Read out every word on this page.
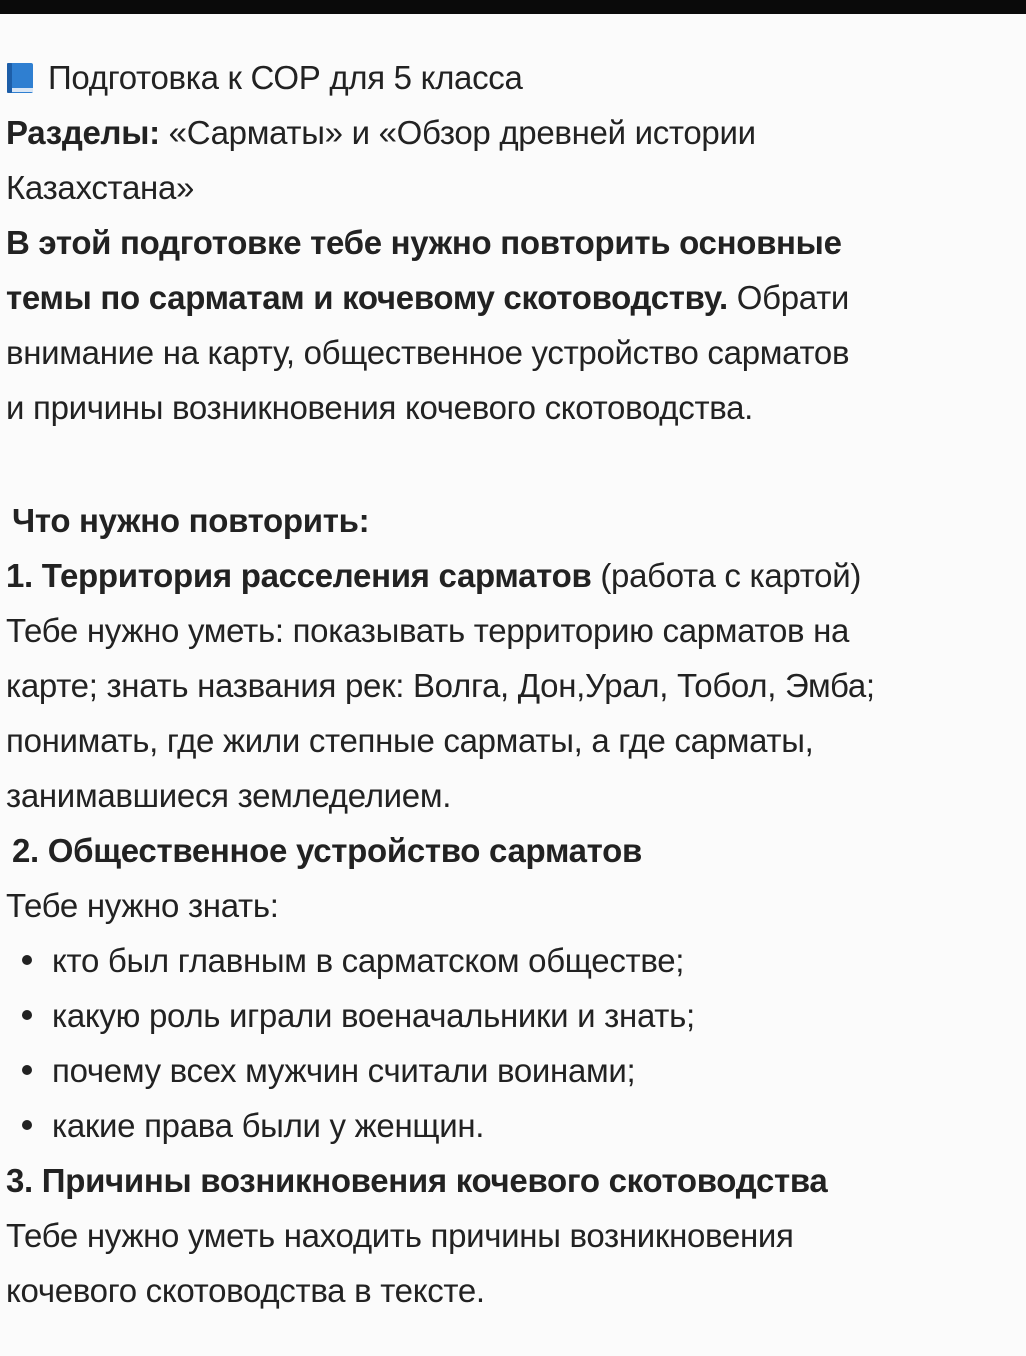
Подготовка к СОР для 5 класса
Разделы: «Сарматы» и «Обзор древней истории
Казахстана»
В этой подготовке тебе нужно повторить основные
темы по сарматам и кочевому скотоводству. Обрати
внимание на карту, общественное устройство сарматов
и причины возникновения кочевого скотоводства.
Что нужно повторить:
1. Территория расселения сарматов (работа с картой)
Тебе нужно уметь: показывать территорию сарматов на
карте; знать названия рек: Волга, Дон,Урал, Тобол, Эмба;
понимать, где жили степные сарматы, а где сарматы,
занимавшиеся земледелием.
2. Общественное устройство сарматов
Тебе нужно знать:
кто был главным в сарматском обществе;
какую роль играли военачальники и знать;
почему всех мужчин считали воинами;
какие права были у женщин.
3. Причины возникновения кочевого скотоводства
Тебе нужно уметь находить причины возникновения
кочевого скотоводства в тексте.
